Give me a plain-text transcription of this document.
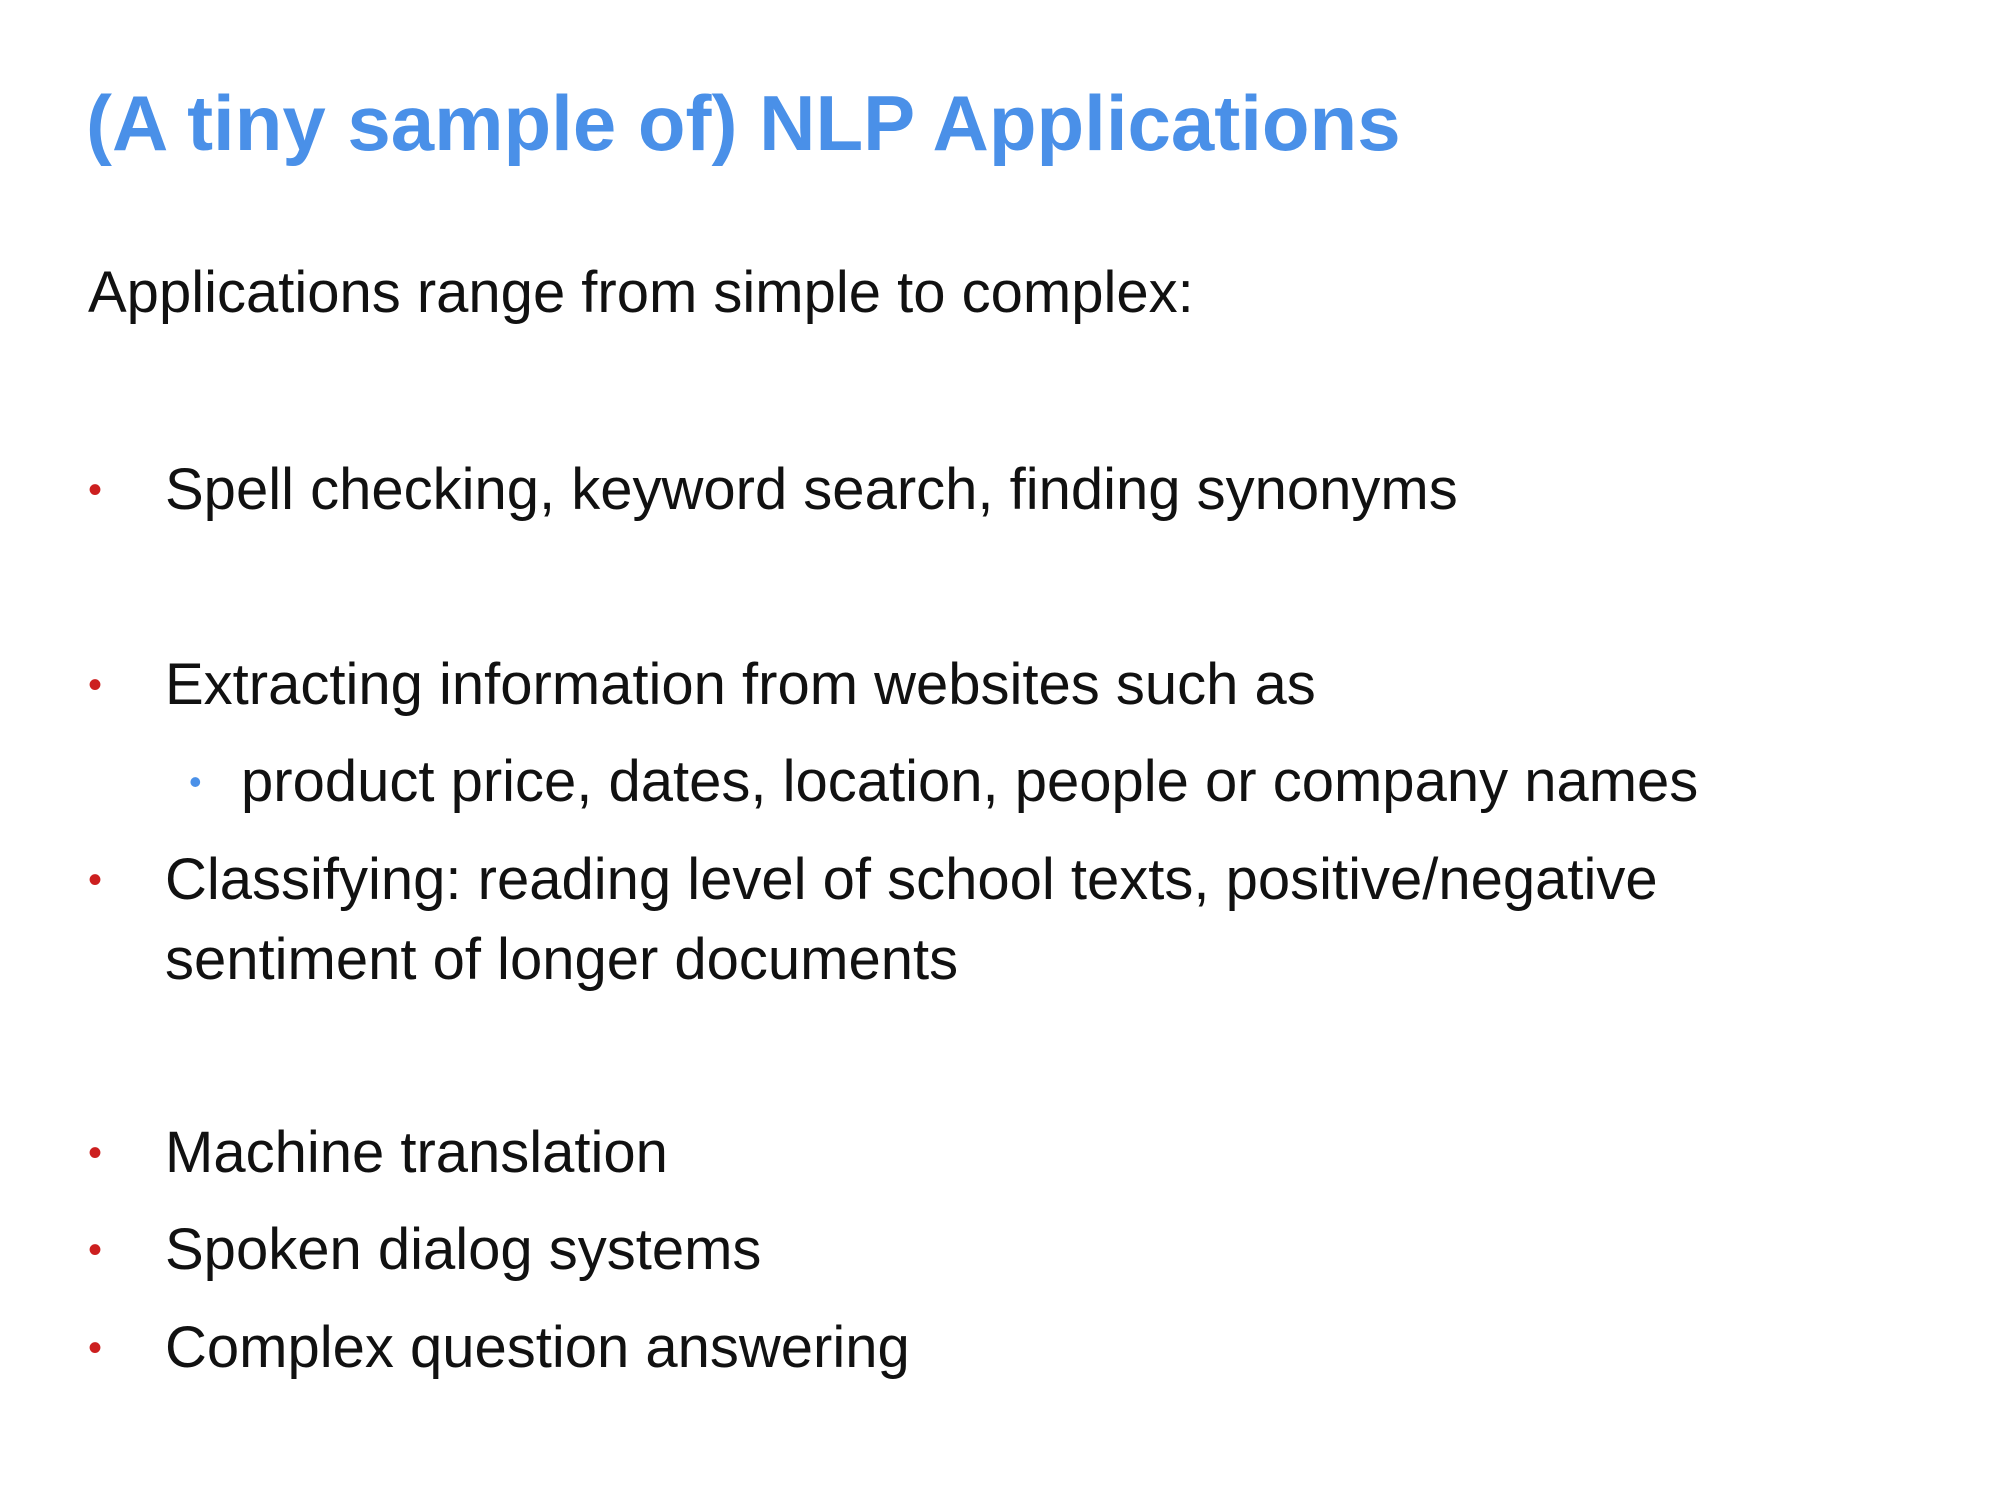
(A tiny sample of) NLP Applications

Applications range from simple to complex:

•	Spell checking, keyword search, finding synonyms
•	Extracting information from websites such as
• product price, dates, location, people or company names
•	Classifying: reading level of school texts, positive/negative sentiment of longer documents
•	Machine translation
•	Spoken dialog systems
•	Complex question answering
